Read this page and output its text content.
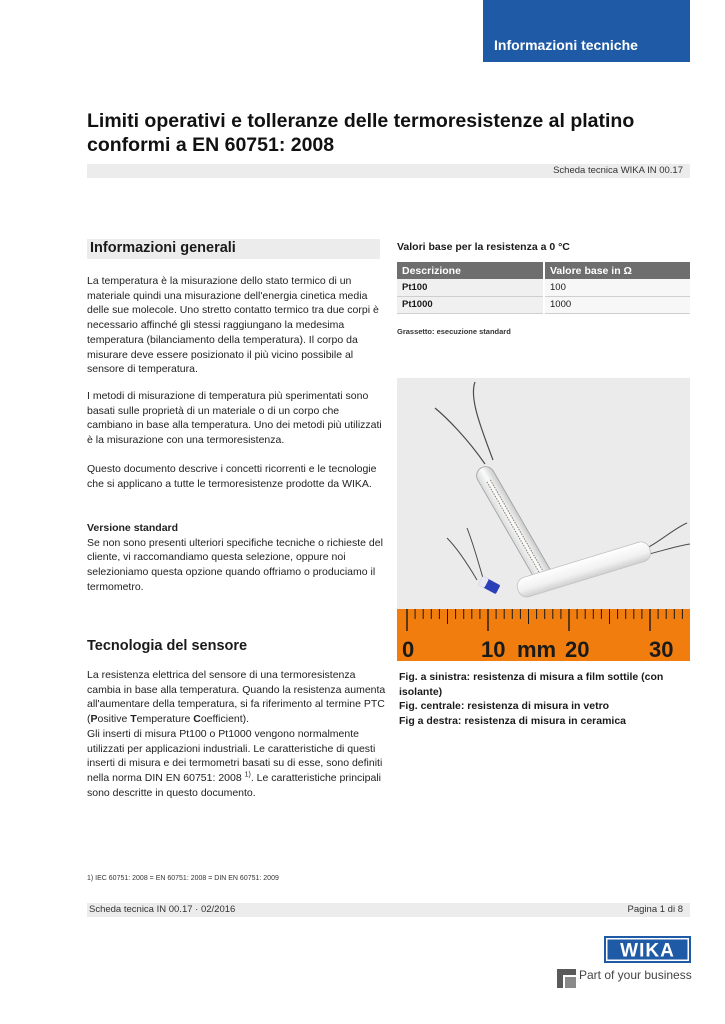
Informazioni tecniche
Limiti operativi e tolleranze delle termoresistenze al platino
conformi a EN 60751: 2008
Scheda tecnica WIKA IN 00.17
Informazioni generali

La temperatura è la misurazione dello stato termico di un materiale quindi una misurazione dell'energia cinetica media delle sue molecole. Uno stretto contatto termico tra due corpi è necessario affinché gli stessi raggiungano la medesima temperatura (bilanciamento della temperatura). Il corpo da misurare deve essere posizionato il più vicino possibile al sensore di temperatura.

I metodi di misurazione di temperatura più sperimentati sono basati sulle proprietà di un materiale o di un corpo che cambiano in base alla temperatura. Uno dei metodi più utilizzati è la misurazione con una termoresistenza.

Questo documento descrive i concetti ricorrenti e le tecnologie che si applicano a tutte le termoresistenze prodotte da WIKA.

Versione standard
Se non sono presenti ulteriori specifiche tecniche o richieste del cliente, vi raccomandiamo questa selezione, oppure noi selezioniamo questa opzione quando offriamo o produciamo il termometro.
Tecnologia del sensore

La resistenza elettrica del sensore di una termoresistenza cambia in base alla temperatura. Quando la resistenza aumenta all'aumentare della temperatura, si fa riferimento al termine PTC (Positive Temperature Coefficient).

Gli inserti di misura Pt100 o Pt1000 vengono normalmente utilizzati per applicazioni industriali. Le caratteristiche di questi inserti di misura e dei termometri basati su di esse, sono definiti nella norma DIN EN 60751: 2008 $^{1)}$. Le caratteristiche principali sono descritte in questo documento.

Valori base per la resistenza a 0 °C
Descrizione	Valore base in Ω
Pt100	100
Pt1000	1000
Grassetto: esecuzione standard
0	10 mm 20	30
Fig. a sinistra: resistenza di misura a film sottile (con isolante)
Fig. centrale: resistenza di misura in vetro
Fig a destra: resistenza di misura in ceramica
1) IEC 60751: 2008 = EN 60751: 2008 = DIN EN 60751: 2009
Scheda tecnica IN 00.17 · 02/2016	Pagina 1 di 8
WIKA
Part of your business
